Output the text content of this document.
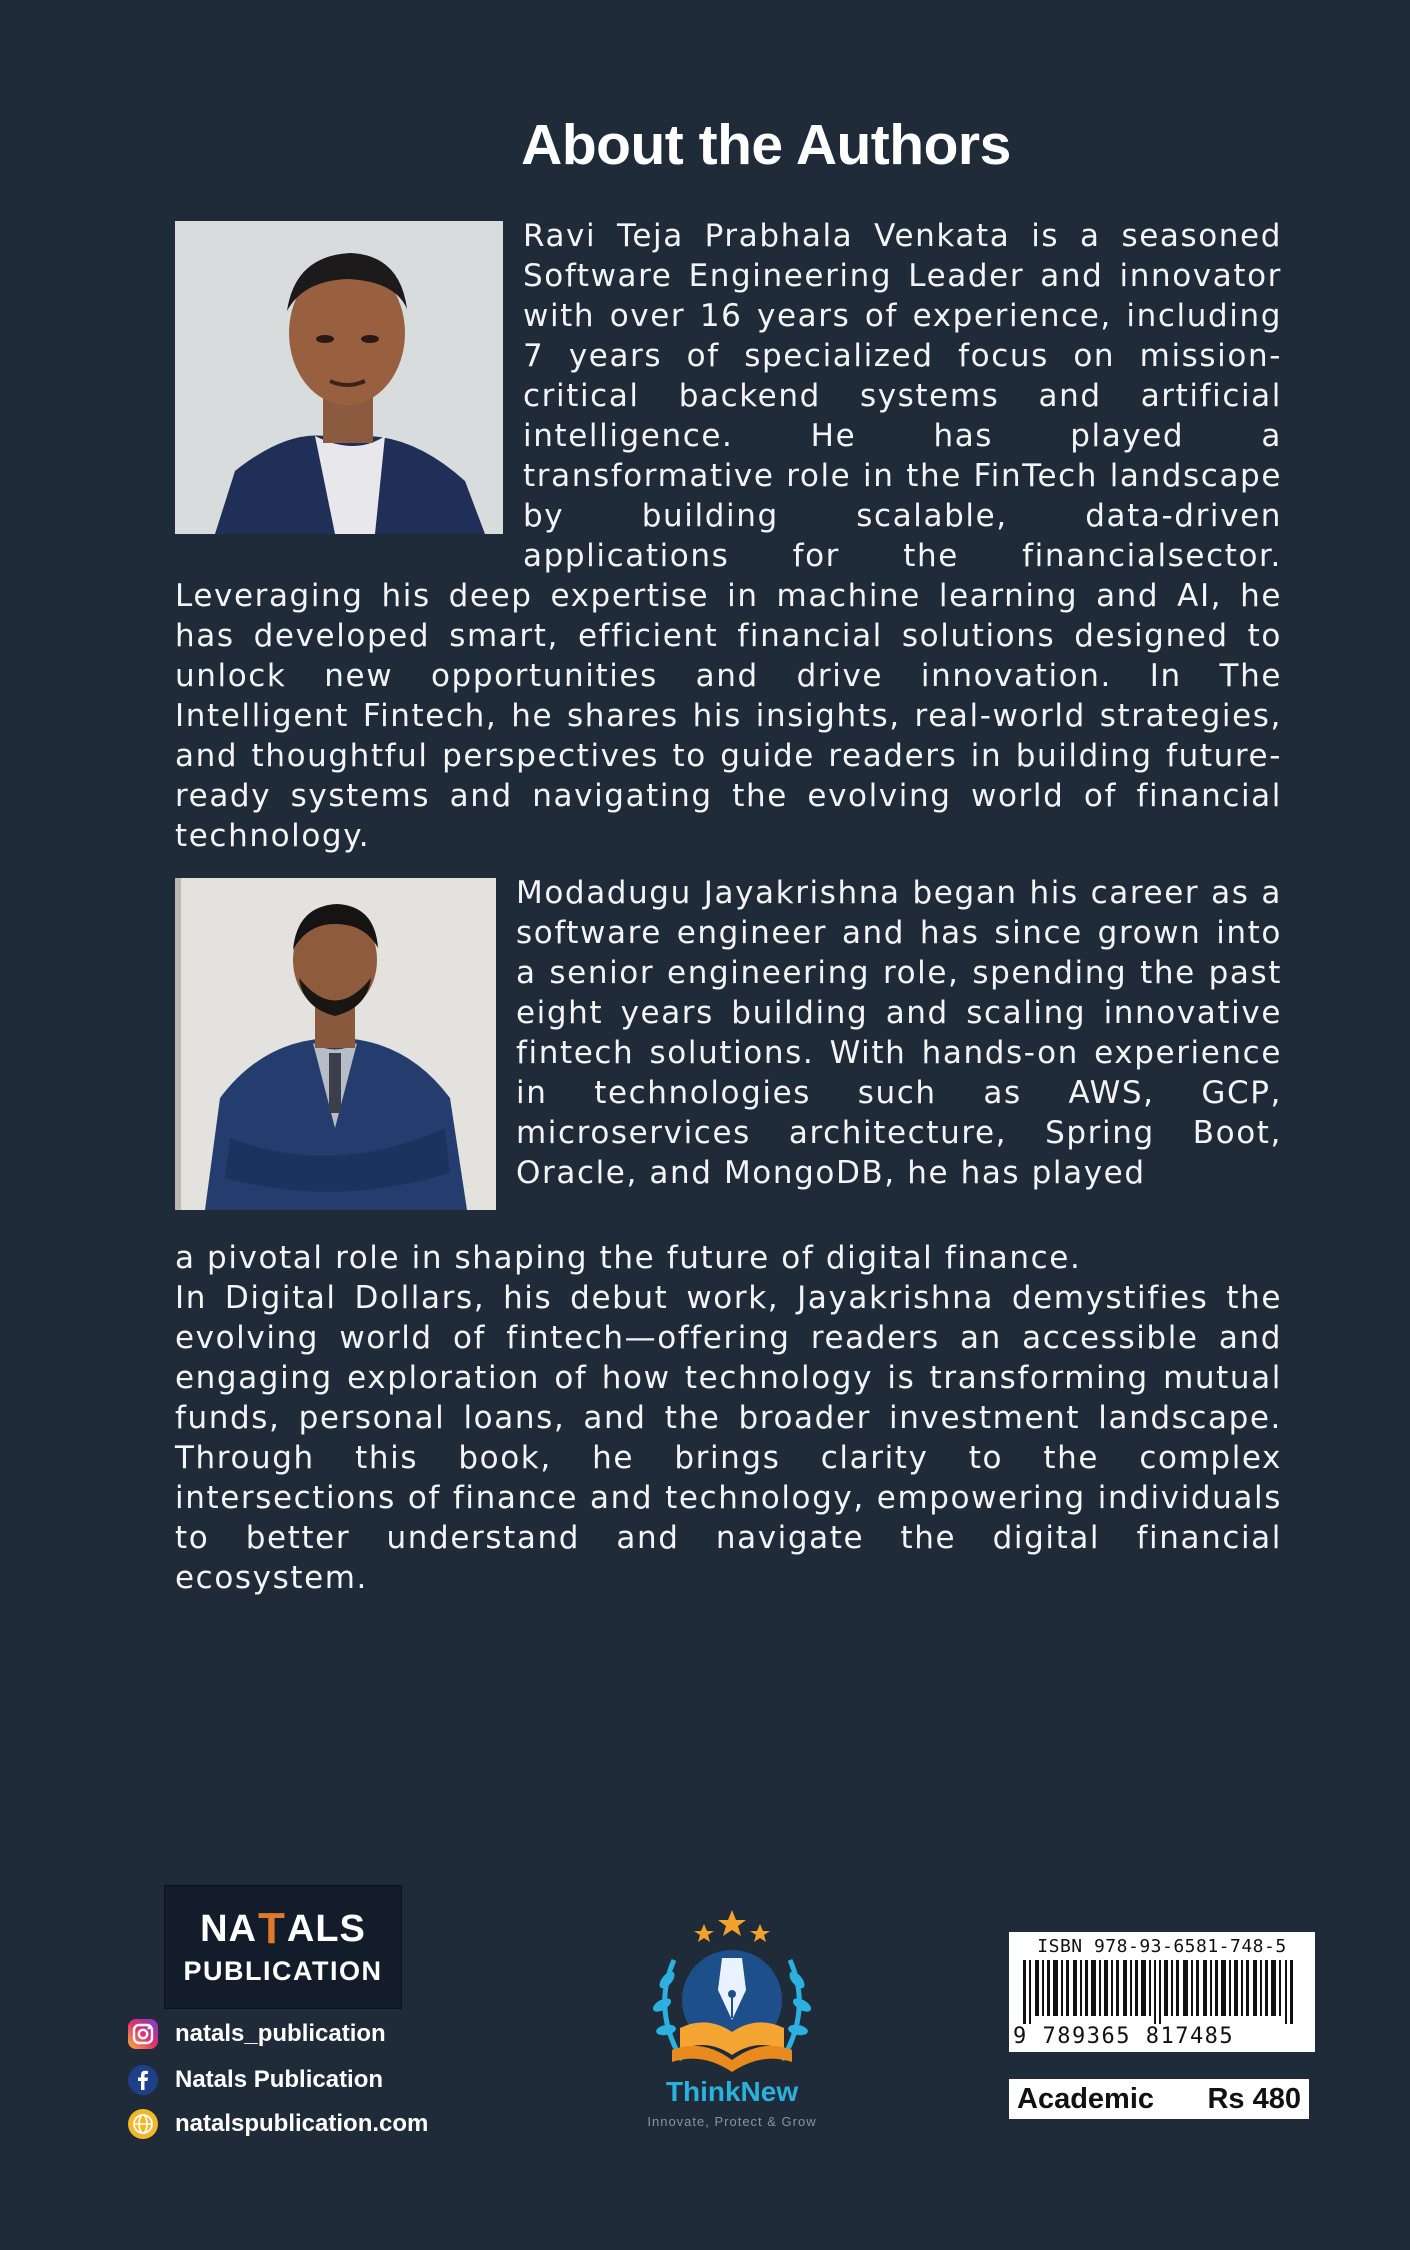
About the Authors

Ravi Teja Prabhala Venkata is a seasoned Software Engineering Leader and innovator with over 16 years of experience, including 7 years of specialized focus on mission-critical backend systems and artificial intelligence. He has played a transformative role in the FinTech landscape by building scalable, data-driven applications for the financialsector. Leveraging his deep expertise in machine learning and AI, he has developed smart, efficient financial solutions designed to unlock new opportunities and drive innovation. In The Intelligent Fintech, he shares his insights, real-world strategies, and thoughtful perspectives to guide readers in building future-ready systems and navigating the evolving world of financial technology.

Modadugu Jayakrishna began his career as a software engineer and has since grown into a senior engineering role, spending the past eight years building and scaling innovative fintech solutions. With hands-on experience in technologies such as AWS, GCP, microservices architecture, Spring Boot, Oracle, and MongoDB, he has played

a pivotal role in shaping the future of digital finance.

In Digital Dollars, his debut work, Jayakrishna demystifies the evolving world of fintech—offering readers an accessible and engaging exploration of how technology is transforming mutual funds, personal loans, and the broader investment landscape. Through this book, he brings clarity to the complex intersections of finance and technology, empowering individuals to better understand and navigate the digital financial ecosystem.

NA T ALS
PUBLICATION
natals_publication
Natals Publication
natalspublication.com
ThinkNew
Innovate, Protect & Grow
ISBN 978-93-6581-748-5
9 789365 817485
Academic Rs 480
